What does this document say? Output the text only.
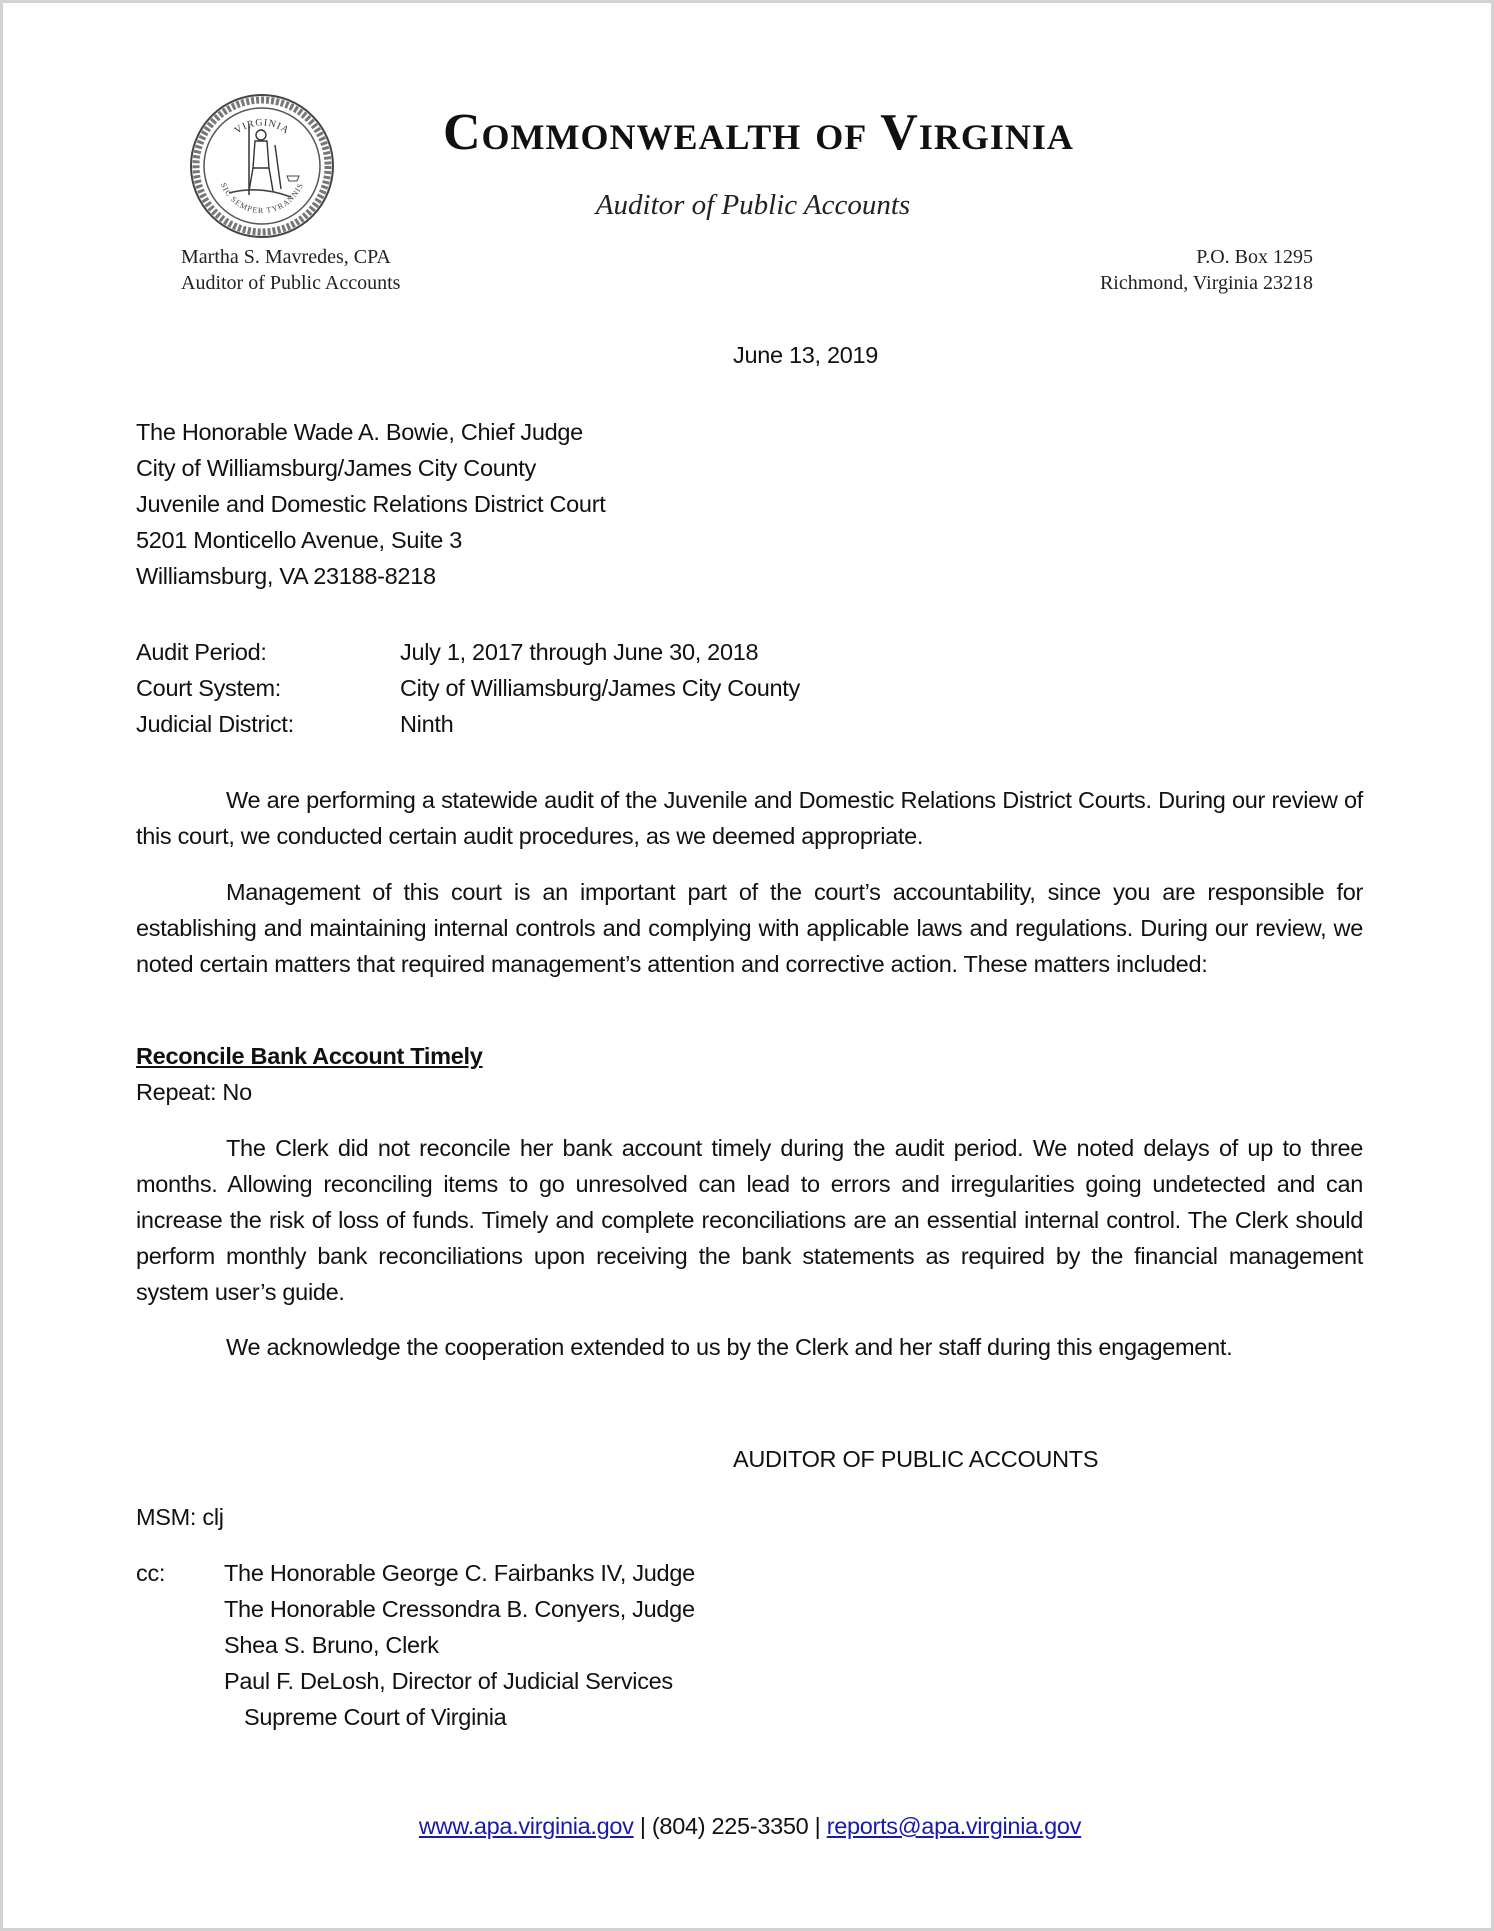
VIRGINIA
SIC SEMPER TYRANNIS
Commonwealth of Virginia
Auditor of Public Accounts
Martha S. Mavredes, CPA
Auditor of Public Accounts
P.O. Box 1295
Richmond, Virginia 23218
June 13, 2019
The Honorable Wade A. Bowie, Chief Judge
City of Williamsburg/James City County
Juvenile and Domestic Relations District Court
5201 Monticello Avenue, Suite 3
Williamsburg, VA 23188-8218
Audit Period:	July 1, 2017 through June 30, 2018
Court System:	City of Williamsburg/James City County
Judicial District:	Ninth

We are performing a statewide audit of the Juvenile and Domestic Relations District Courts. During our review of this court, we conducted certain audit procedures, as we deemed appropriate.

Management of this court is an important part of the court’s accountability, since you are responsible for establishing and maintaining internal controls and complying with applicable laws and regulations. During our review, we noted certain matters that required management’s attention and corrective action. These matters included:

Reconcile Bank Account Timely
Repeat: No

The Clerk did not reconcile her bank account timely during the audit period. We noted delays of up to three months. Allowing reconciling items to go unresolved can lead to errors and irregularities going undetected and can increase the risk of loss of funds. Timely and complete reconciliations are an essential internal control. The Clerk should perform monthly bank reconciliations upon receiving the bank statements as required by the financial management system user’s guide.

We acknowledge the cooperation extended to us by the Clerk and her staff during this engagement.

AUDITOR OF PUBLIC ACCOUNTS
MSM: clj
cc:	The Honorable George C. Fairbanks IV, Judge
The Honorable Cressondra B. Conyers, Judge
Shea S. Bruno, Clerk
Paul F. DeLosh, Director of Judicial Services
Supreme Court of Virginia
www.apa.virginia.gov | (804) 225-3350 | reports@apa.virginia.gov
